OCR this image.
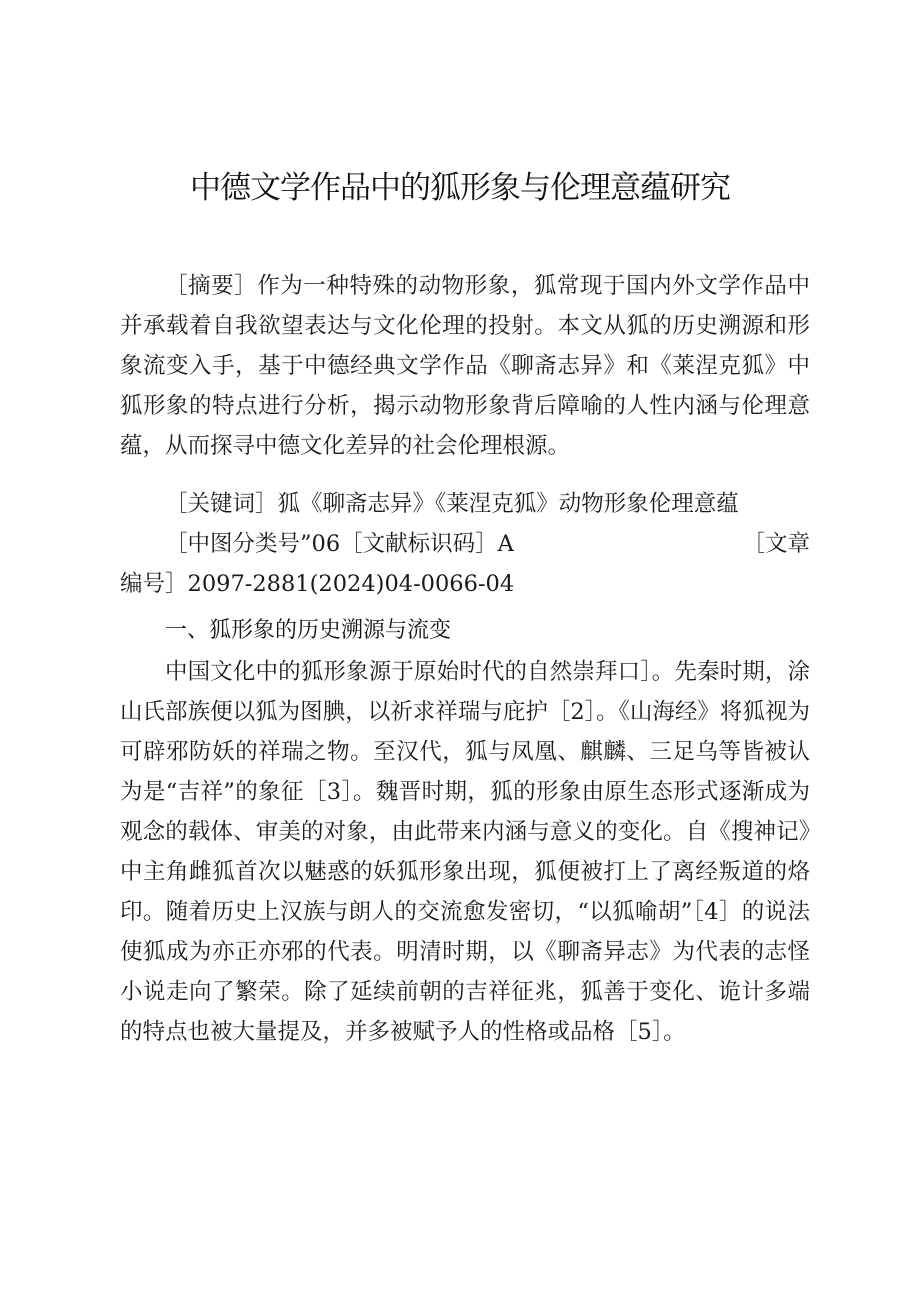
中德文学作品中的狐形象与伦理意蕴研究

［摘要］作为一种特殊的动物形象，狐常现于国内外文学作品中并承载着自我欲望表达与文化伦理的投射。本文从狐的历史溯源和形象流变入手，基于中德经典文学作品《聊斋志异》和《莱涅克狐》中狐形象的特点进行分析，揭示动物形象背后障喻的人性内涵与伦理意蕴，从而探寻中德文化差异的社会伦理根源。

［关键词］狐《聊斋志异》《莱涅克狐》动物形象伦理意蕴

［中图分类号”06［文献标识码］A	［文章
编号］2097-2881(2024)04-0066-04
一、狐形象的历史溯源与流变

中国文化中的狐形象源于原始时代的自然崇拜口］。先秦时期，涂山氏部族便以狐为图腆，以祈求祥瑞与庇护［2］。《山海经》将狐视为可辟邪防妖的祥瑞之物。至汉代，狐与凤凰、麒麟、三足乌等皆被认为是“吉祥”的象征［3］。魏晋时期，狐的形象由原生态形式逐渐成为观念的载体、审美的对象，由此带来内涵与意义的变化。自《搜神记》中主角雌狐首次以魅惑的妖狐形象出现，狐便被打上了离经叛道的烙印。随着历史上汉族与朗人的交流愈发密切，“以狐喻胡”［4］的说法使狐成为亦正亦邪的代表。明清时期，以《聊斋异志》为代表的志怪小说走向了繁荣。除了延续前朝的吉祥征兆，狐善于变化、诡计多端的特点也被大量提及，并多被赋予人的性格或品格［5］。
